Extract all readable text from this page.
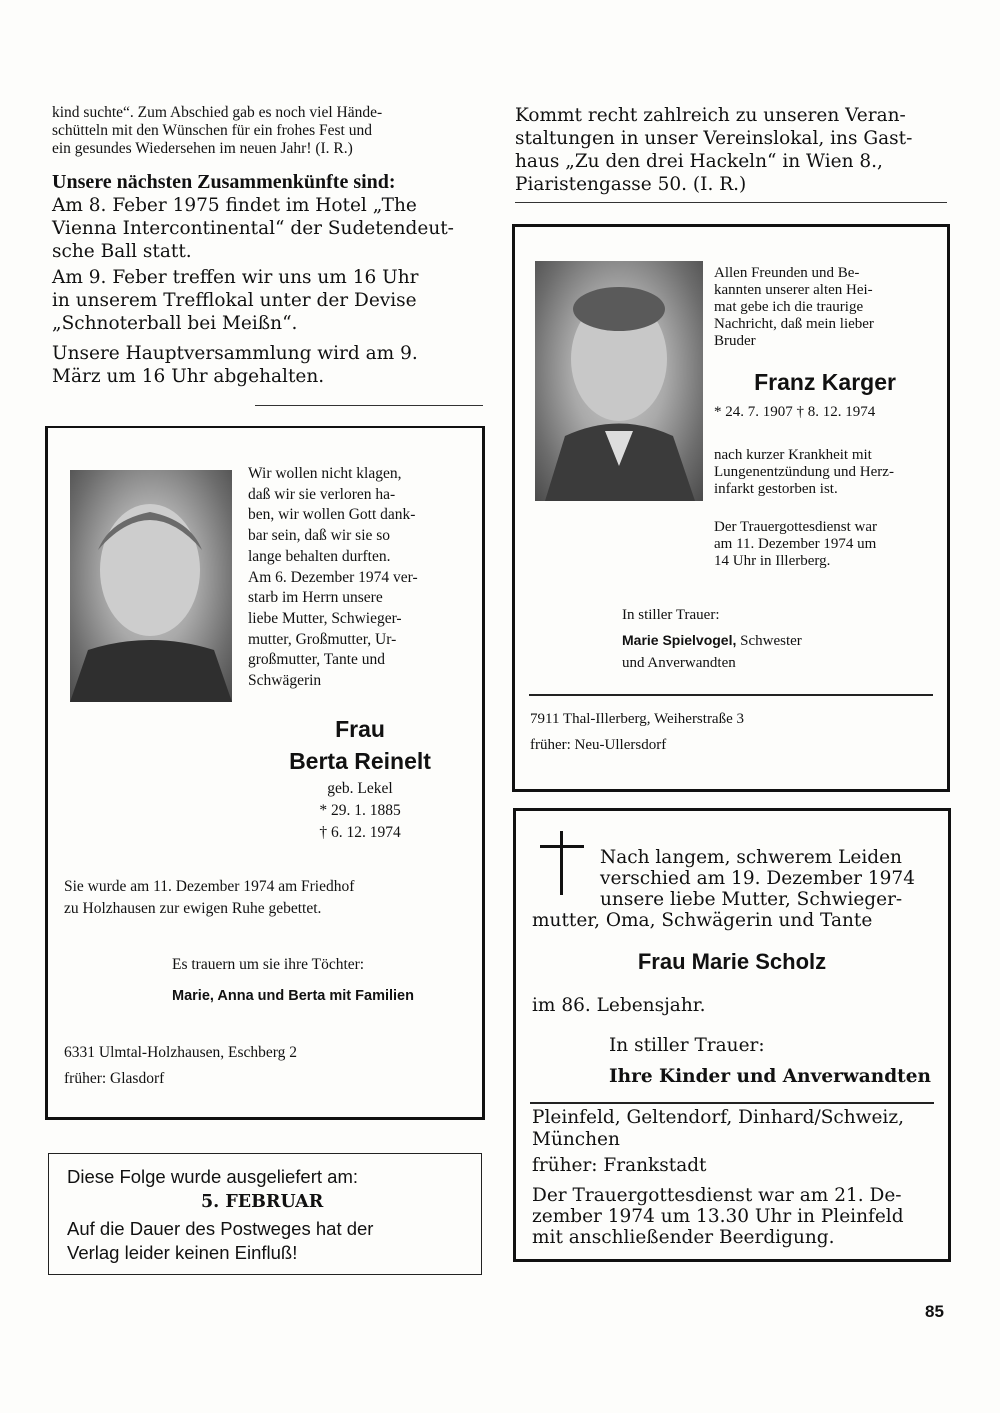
kind suchte“. Zum Abschied gab es noch viel Hände-
schütteln mit den Wünschen für ein frohes Fest und
ein gesundes Wiedersehen im neuen Jahr! (I. R.)
Unsere nächsten Zusammenkünfte sind:
Am 8. Feber 1975 findet im Hotel „The
Vienna Intercontinental“ der Sudetendeut-
sche Ball statt.
Am 9. Feber treffen wir uns um 16 Uhr
in unserem Trefflokal unter der Devise
„Schnoterball bei Meißn“.
Unsere Hauptversammlung wird am 9.
März um 16 Uhr abgehalten.
Kommt recht zahlreich zu unseren Veran-
staltungen in unser Vereinslokal, ins Gast-
haus „Zu den drei Hackeln“ in Wien 8.,
Piaristengasse 50. (I. R.)
Allen Freunden und Be-
kannten unserer alten Hei-
mat gebe ich die traurige
Nachricht, daß mein lieber
Bruder
Franz Karger
* 24. 7. 1907 † 8. 12. 1974
nach kurzer Krankheit mit
Lungenentzündung und Herz-
infarkt gestorben ist.
Der Trauergottesdienst war
am 11. Dezember 1974 um
14 Uhr in Illerberg.
In stiller Trauer:
Marie Spielvogel, Schwester
und Anverwandten
7911 Thal-Illerberg, Weiherstraße 3
früher: Neu-Ullersdorf
Wir wollen nicht klagen,
daß wir sie verloren ha-
ben, wir wollen Gott dank-
bar sein, daß wir sie so
lange behalten durften.
Am 6. Dezember 1974 ver-
starb im Herrn unsere
liebe Mutter, Schwieger-
mutter, Großmutter, Ur-
großmutter, Tante und
Schwägerin
Frau
Berta Reinelt
geb. Lekel
* 29. 1. 1885
† 6. 12. 1974
Sie wurde am 11. Dezember 1974 am Friedhof
zu Holzhausen zur ewigen Ruhe gebettet.
Es trauern um sie ihre Töchter:
Marie, Anna und Berta mit Familien
6331 Ulmtal-Holzhausen, Eschberg 2
früher: Glasdorf
Diese Folge wurde ausgeliefert am:
5. FEBRUAR
Auf die Dauer des Postweges hat der
Verlag leider keinen Einfluß!
Nach langem, schwerem Leiden
verschied am 19. Dezember 1974
unsere liebe Mutter, Schwieger-
mutter, Oma, Schwägerin und Tante
Frau Marie Scholz
im 86. Lebensjahr.
In stiller Trauer:
Ihre Kinder und Anverwandten
Pleinfeld, Geltendorf, Dinhard/Schweiz,
München
früher: Frankstadt
Der Trauergottesdienst war am 21. De-
zember 1974 um 13.30 Uhr in Pleinfeld
mit anschließender Beerdigung.
85
